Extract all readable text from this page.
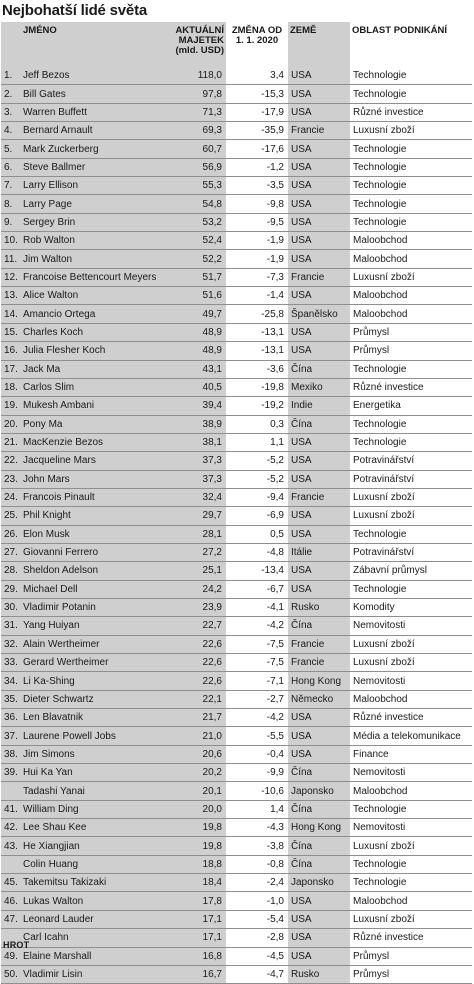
Nejbohatší lidé světa
	JMÉNO	AKTUÁLNÍ MAJETEK (mld. USD)	ZMĚNA OD 1. 1. 2020	ZEMĚ	OBLAST PODNIKÁNÍ
1.	Jeff Bezos	118,0	3,4	USA	Technologie
2.	Bill Gates	97,8	-15,3	USA	Technologie
3.	Warren Buffett	71,3	-17,9	USA	Různé investice
4.	Bernard Arnault	69,3	-35,9	Francie	Luxusní zboží
5.	Mark Zuckerberg	60,7	-17,6	USA	Technologie
6.	Steve Ballmer	56,9	-1,2	USA	Technologie
7.	Larry Ellison	55,3	-3,5	USA	Technologie
8.	Larry Page	54,8	-9,8	USA	Technologie
9.	Sergey Brin	53,2	-9,5	USA	Technologie
10.	Rob Walton	52,4	-1,9	USA	Maloobchod
11.	Jim Walton	52,2	-1,9	USA	Maloobchod
12.	Francoise Bettencourt Meyers	51,7	-7,3	Francie	Luxusní zboží
13.	Alice Walton	51,6	-1,4	USA	Maloobchod
14.	Amancio Ortega	49,7	-25,8	Španělsko	Maloobchod
15.	Charles Koch	48,9	-13,1	USA	Průmysl
16.	Julia Flesher Koch	48,9	-13,1	USA	Průmysl
17.	Jack Ma	43,1	-3,6	Čína	Technologie
18.	Carlos Slim	40,5	-19,8	Mexiko	Různé investice
19.	Mukesh Ambani	39,4	-19,2	Indie	Energetika
20.	Pony Ma	38,9	0,3	Čína	Technologie
21.	MacKenzie Bezos	38,1	1,1	USA	Technologie
22.	Jacqueline Mars	37,3	-5,2	USA	Potravinářství
23.	John Mars	37,3	-5,2	USA	Potravinářství
24.	Francois Pinault	32,4	-9,4	Francie	Luxusní zboží
25.	Phil Knight	29,7	-6,9	USA	Luxusní zboží
26.	Elon Musk	28,1	0,5	USA	Technologie
27.	Giovanni Ferrero	27,2	-4,8	Itálie	Potravinářství
28.	Sheldon Adelson	25,1	-13,4	USA	Zábavní průmysl
29.	Michael Dell	24,2	-6,7	USA	Technologie
30.	Vladimir Potanin	23,9	-4,1	Rusko	Komodity
31.	Yang Huiyan	22,7	-4,2	Čína	Nemovitosti
32.	Alain Wertheimer	22,6	-7,5	Francie	Luxusní zboží
33.	Gerard Wertheimer	22,6	-7,5	Francie	Luxusní zboží
34.	Li Ka-Shing	22,6	-7,1	Hong Kong	Nemovitosti
35.	Dieter Schwartz	22,1	-2,7	Německo	Maloobchod
36.	Len Blavatnik	21,7	-4,2	USA	Různé investice
37.	Laurene Powell Jobs	21,0	-5,5	USA	Média a telekomunikace
38.	Jim Simons	20,6	-0,4	USA	Finance
39.	Hui Ka Yan	20,2	-9,9	Čína	Nemovitosti
	Tadashi Yanai	20,1	-10,6	Japonsko	Maloobchod
41.	William Ding	20,0	1,4	Čína	Technologie
42.	Lee Shau Kee	19,8	-4,3	Hong Kong	Nemovitosti
43.	He Xiangjian	19,8	-3,8	Čína	Luxusní zboží
	Colin Huang	18,8	-0,8	Čína	Technologie
45.	Takemitsu Takizaki	18,4	-2,4	Japonsko	Technologie
46.	Lukas Walton	17,8	-1,0	USA	Maloobchod
47.	Leonard Lauder	17,1	-5,4	USA	Luxusní zboží
	Carl Icahn	17,1	-2,8	USA	Různé investice
49.	Elaine Marshall	16,8	-4,5	USA	Průmysl
50.	Vladimir Lisin	16,7	-4,7	Rusko	Průmysl
HROT
